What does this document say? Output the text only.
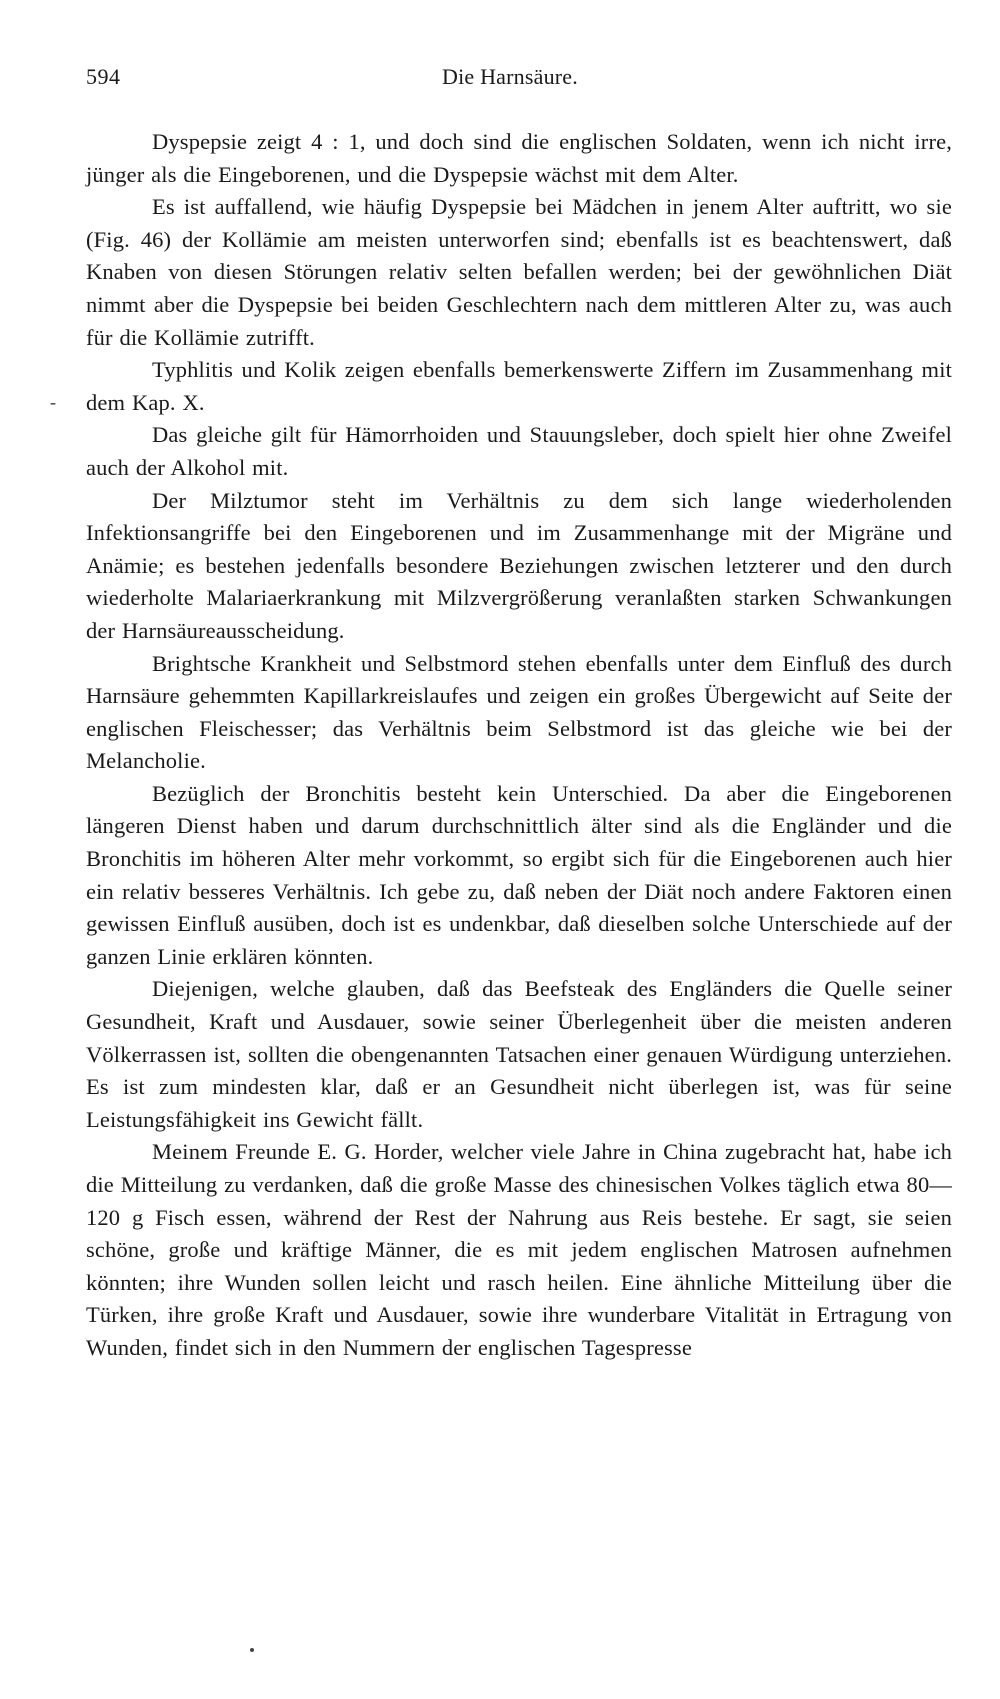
594	Die Harnsäure.
-

Dyspepsie zeigt 4 : 1, und doch sind die englischen Soldaten, wenn ich nicht irre, jünger als die Eingeborenen, und die Dyspepsie wächst mit dem Alter.

Es ist auffallend, wie häufig Dyspepsie bei Mädchen in jenem Alter auftritt, wo sie (Fig. 46) der Kollämie am meisten unterworfen sind; ebenfalls ist es beachtenswert, daß Knaben von diesen Störungen relativ selten befallen werden; bei der gewöhnlichen Diät nimmt aber die Dyspepsie bei beiden Geschlechtern nach dem mittleren Alter zu, was auch für die Kollämie zutrifft.

Typhlitis und Kolik zeigen ebenfalls bemerkenswerte Ziffern im Zusammenhang mit dem Kap. X.

Das gleiche gilt für Hämorrhoiden und Stauungsleber, doch spielt hier ohne Zweifel auch der Alkohol mit.

Der Milztumor steht im Verhältnis zu dem sich lange wiederholenden Infektionsangriffe bei den Eingeborenen und im Zusammenhange mit der Migräne und Anämie; es bestehen jedenfalls besondere Beziehungen zwischen letzterer und den durch wiederholte Malariaerkrankung mit Milzvergrößerung veranlaßten starken Schwankungen der Harnsäureausscheidung.

Brightsche Krankheit und Selbstmord stehen ebenfalls unter dem Einfluß des durch Harnsäure gehemmten Kapillarkreislaufes und zeigen ein großes Übergewicht auf Seite der englischen Fleischesser; das Verhältnis beim Selbstmord ist das gleiche wie bei der Melancholie.

Bezüglich der Bronchitis besteht kein Unterschied. Da aber die Eingeborenen längeren Dienst haben und darum durchschnittlich älter sind als die Engländer und die Bronchitis im höheren Alter mehr vorkommt, so ergibt sich für die Eingeborenen auch hier ein relativ besseres Verhältnis. Ich gebe zu, daß neben der Diät noch andere Faktoren einen gewissen Einfluß ausüben, doch ist es undenkbar, daß dieselben solche Unterschiede auf der ganzen Linie erklären könnten.

Diejenigen, welche glauben, daß das Beefsteak des Engländers die Quelle seiner Gesundheit, Kraft und Ausdauer, sowie seiner Überlegenheit über die meisten anderen Völkerrassen ist, sollten die obengenannten Tatsachen einer genauen Würdigung unterziehen. Es ist zum mindesten klar, daß er an Gesundheit nicht überlegen ist, was für seine Leistungsfähigkeit ins Gewicht fällt.

Meinem Freunde E. G. Horder, welcher viele Jahre in China zugebracht hat, habe ich die Mitteilung zu verdanken, daß die große Masse des chinesischen Volkes täglich etwa 80—120 g Fisch essen, während der Rest der Nahrung aus Reis bestehe. Er sagt, sie seien schöne, große und kräftige Männer, die es mit jedem englischen Matrosen aufnehmen könnten; ihre Wunden sollen leicht und rasch heilen. Eine ähnliche Mitteilung über die Türken, ihre große Kraft und Ausdauer, sowie ihre wunderbare Vitalität in Ertragung von Wunden, findet sich in den Nummern der englischen Tagespresse
